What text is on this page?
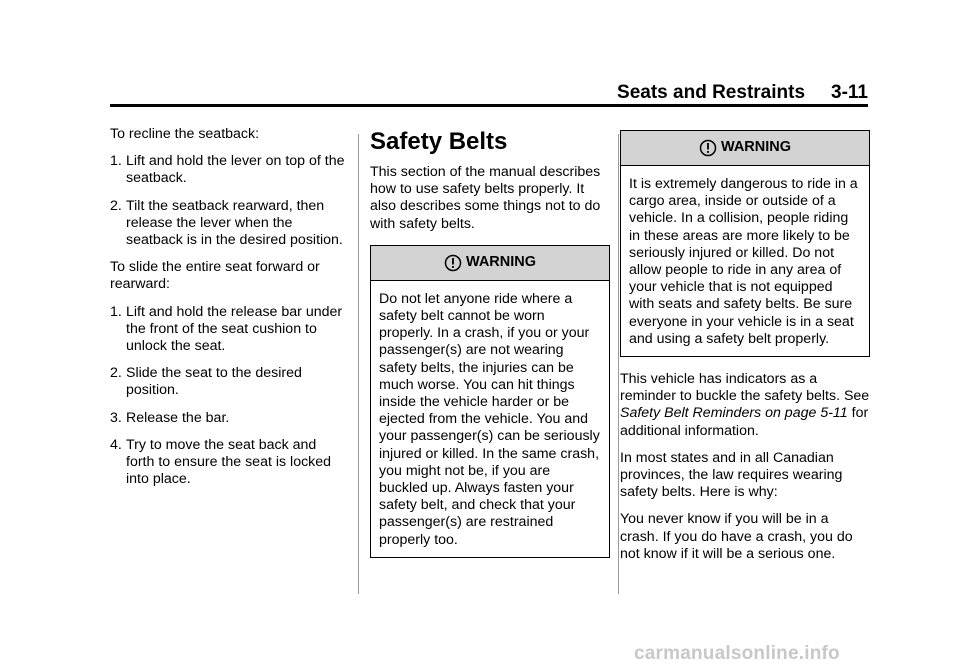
Seats and Restraints 3-11

To recline the seatback:

1. Lift and hold the lever on top of the seatback.
2. Tilt the seatback rearward, then release the lever when the seatback is in the desired position.

To slide the entire seat forward or rearward:

1. Lift and hold the release bar under the front of the seat cushion to unlock the seat.
2. Slide the seat to the desired position.
3. Release the bar.
4. Try to move the seat back and forth to ensure the seat is locked into place.
Safety Belts

This section of the manual describes how to use safety belts properly. It also describes some things not to do with safety belts.

WARNING
Do not let anyone ride where a safety belt cannot be worn properly. In a crash, if you or your passenger(s) are not wearing safety belts, the injuries can be much worse. You can hit things inside the vehicle harder or be ejected from the vehicle. You and your passenger(s) can be seriously injured or killed. In the same crash, you might not be, if you are buckled up. Always fasten your safety belt, and check that your passenger(s) are restrained properly too.
WARNING
It is extremely dangerous to ride in a cargo area, inside or outside of a vehicle. In a collision, people riding in these areas are more likely to be seriously injured or killed. Do not allow people to ride in any area of your vehicle that is not equipped with seats and safety belts. Be sure everyone in your vehicle is in a seat and using a safety belt properly.

This vehicle has indicators as a reminder to buckle the safety belts. See Safety Belt Reminders on page 5-11 for additional information.

In most states and in all Canadian provinces, the law requires wearing safety belts. Here is why:

You never know if you will be in a crash. If you do have a crash, you do not know if it will be a serious one.

carmanualsonline.info
